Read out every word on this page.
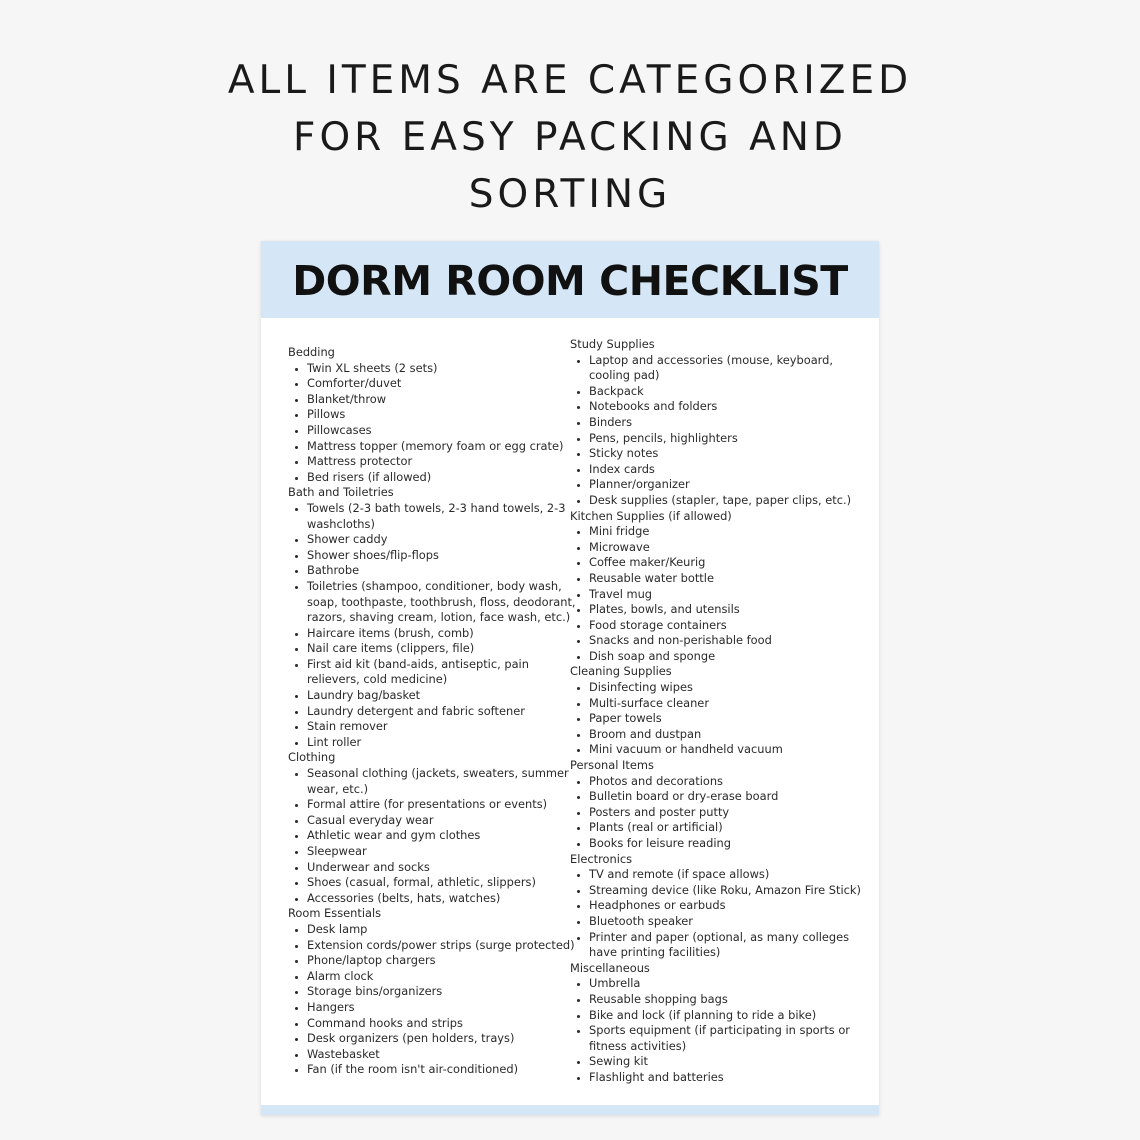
ALL ITEMS ARE CATEGORIZED
FOR EASY PACKING AND
SORTING
DORM ROOM CHECKLIST
Bedding
• Twin XL sheets (2 sets)
• Comforter/duvet
• Blanket/throw
• Pillows
• Pillowcases
• Mattress topper (memory foam or egg crate)
• Mattress protector
• Bed risers (if allowed)
Bath and Toiletries
• Towels (2-3 bath towels, 2-3 hand towels, 2-3 washcloths)
• Shower caddy
• Shower shoes/flip-flops
• Bathrobe
• Toiletries (shampoo, conditioner, body wash, soap, toothpaste, toothbrush, floss, deodorant, razors, shaving cream, lotion, face wash, etc.)
• Haircare items (brush, comb)
• Nail care items (clippers, file)
• First aid kit (band-aids, antiseptic, pain relievers, cold medicine)
• Laundry bag/basket
• Laundry detergent and fabric softener
• Stain remover
• Lint roller
Clothing
• Seasonal clothing (jackets, sweaters, summer wear, etc.)
• Formal attire (for presentations or events)
• Casual everyday wear
• Athletic wear and gym clothes
• Sleepwear
• Underwear and socks
• Shoes (casual, formal, athletic, slippers)
• Accessories (belts, hats, watches)
Room Essentials
• Desk lamp
• Extension cords/power strips (surge protected)
• Phone/laptop chargers
• Alarm clock
• Storage bins/organizers
• Hangers
• Command hooks and strips
• Desk organizers (pen holders, trays)
• Wastebasket
• Fan (if the room isn't air-conditioned)
Study Supplies
• Laptop and accessories (mouse, keyboard, cooling pad)
• Backpack
• Notebooks and folders
• Binders
• Pens, pencils, highlighters
• Sticky notes
• Index cards
• Planner/organizer
• Desk supplies (stapler, tape, paper clips, etc.)
Kitchen Supplies (if allowed)
• Mini fridge
• Microwave
• Coffee maker/Keurig
• Reusable water bottle
• Travel mug
• Plates, bowls, and utensils
• Food storage containers
• Snacks and non-perishable food
• Dish soap and sponge
Cleaning Supplies
• Disinfecting wipes
• Multi-surface cleaner
• Paper towels
• Broom and dustpan
• Mini vacuum or handheld vacuum
Personal Items
• Photos and decorations
• Bulletin board or dry-erase board
• Posters and poster putty
• Plants (real or artificial)
• Books for leisure reading
Electronics
• TV and remote (if space allows)
• Streaming device (like Roku, Amazon Fire Stick)
• Headphones or earbuds
• Bluetooth speaker
• Printer and paper (optional, as many colleges have printing facilities)
Miscellaneous
• Umbrella
• Reusable shopping bags
• Bike and lock (if planning to ride a bike)
• Sports equipment (if participating in sports or fitness activities)
• Sewing kit
• Flashlight and batteries
